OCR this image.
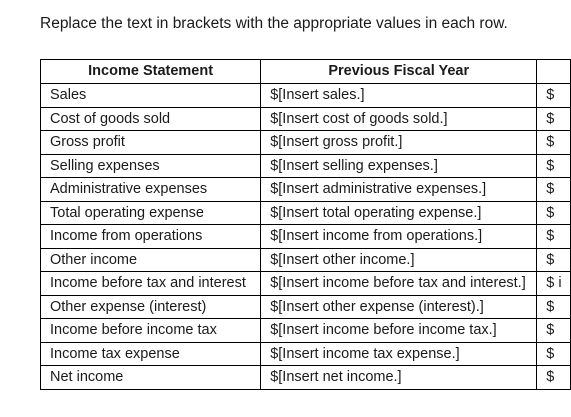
Replace the text in brackets with the appropriate values in each row.
Income Statement	Previous Fiscal Year	
Sales	$[Insert sales.]	$
Cost of goods sold	$[Insert cost of goods sold.]	$
Gross profit	$[Insert gross profit.]	$
Selling expenses	$[Insert selling expenses.]	$
Administrative expenses	$[Insert administrative expenses.]	$
Total operating expense	$[Insert total operating expense.]	$
Income from operations	$[Insert income from operations.]	$
Other income	$[Insert other income.]	$
Income before tax and interest	$[Insert income before tax and interest.]	$ i
Other expense (interest)	$[Insert other expense (interest).]	$
Income before income tax	$[Insert income before income tax.]	$
Income tax expense	$[Insert income tax expense.]	$
Net income	$[Insert net income.]	$
